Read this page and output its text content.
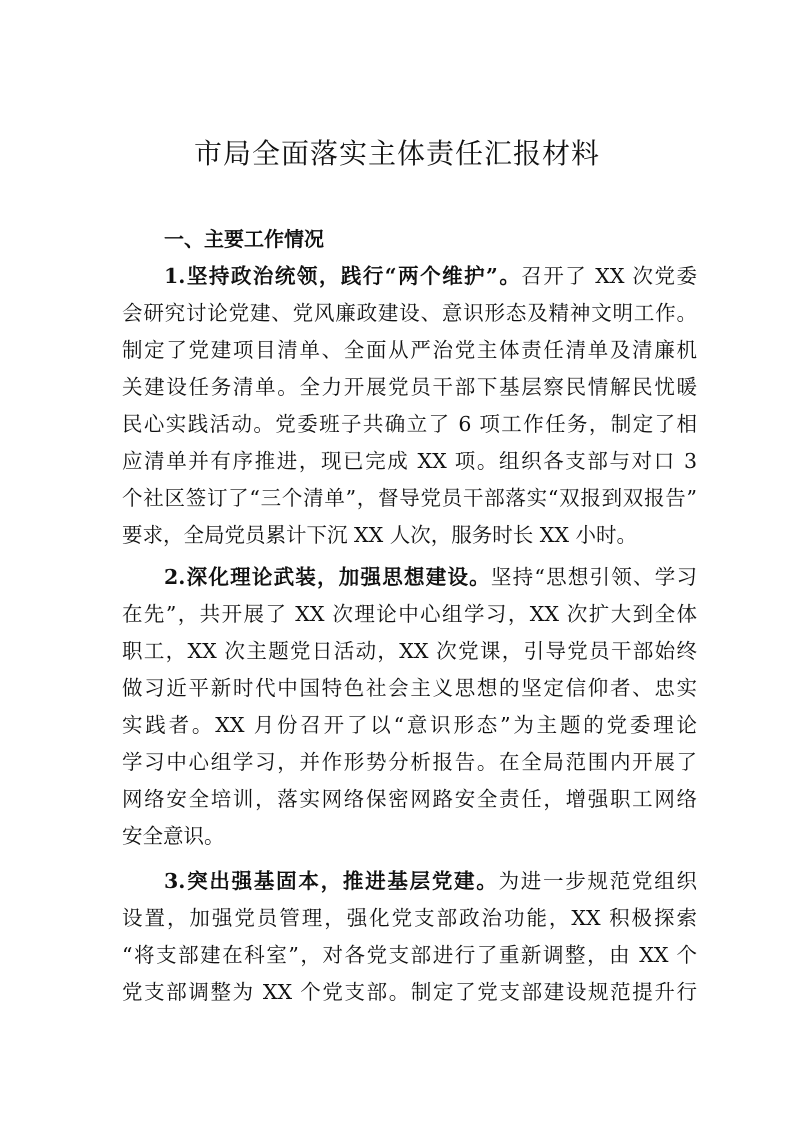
市局全面落实主体责任汇报材料
一、主要工作情况
1.坚持政治统领，践行“两个维护”。召开了 XX 次党委
会研究讨论党建、党风廉政建设、意识形态及精神文明工作。
制定了党建项目清单、全面从严治党主体责任清单及清廉机
关建设任务清单。全力开展党员干部下基层察民情解民忧暖
民心实践活动。党委班子共确立了 6 项工作任务，制定了相
应清单并有序推进，现已完成 XX 项。组织各支部与对口 3
个社区签订了“三个清单”，督导党员干部落实“双报到双报告”
要求，全局党员累计下沉 XX 人次，服务时长 XX 小时。
2.深化理论武装，加强思想建设。坚持“思想引领、学习
在先”，共开展了 XX 次理论中心组学习，XX 次扩大到全体
职工，XX 次主题党日活动，XX 次党课，引导党员干部始终
做习近平新时代中国特色社会主义思想的坚定信仰者、忠实
实践者。XX 月份召开了以“意识形态”为主题的党委理论
学习中心组学习，并作形势分析报告。在全局范围内开展了
网络安全培训，落实网络保密网路安全责任，增强职工网络
安全意识。
3.突出强基固本，推进基层党建。为进一步规范党组织
设置，加强党员管理，强化党支部政治功能，XX 积极探索
“将支部建在科室”，对各党支部进行了重新调整，由 XX 个
党支部调整为 XX 个党支部。制定了党支部建设规范提升行
